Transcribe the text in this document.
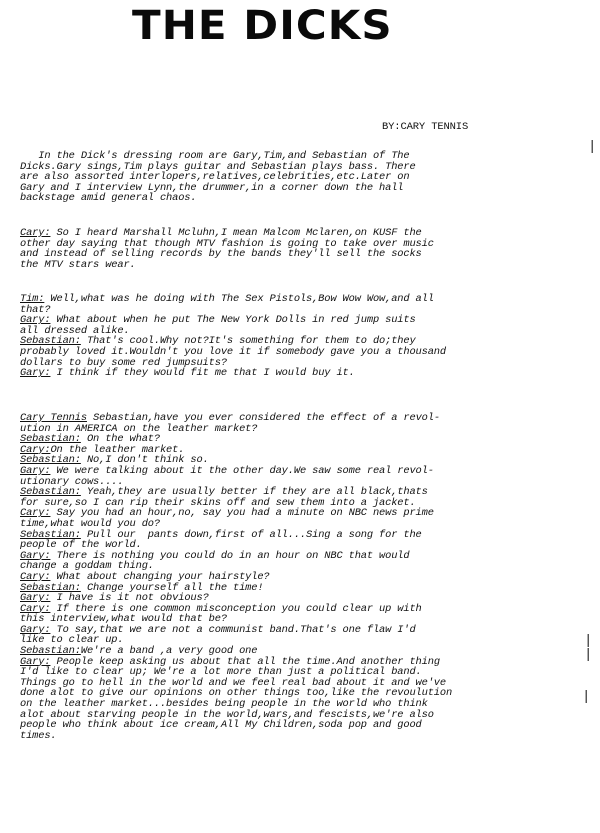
THE DICKS
BY:CARY TENNIS
|
|
|
|
In the Dick's dressing room are Gary,Tim,and Sebastian of The
Dicks.Gary sings,Tim plays guitar and Sebastian plays bass. There
are also assorted interlopers,relatives,celebrities,etc.Later on
Gary and I interview Lynn,the drummer,in a corner down the hall
backstage amid general chaos.
Cary: So I heard Marshall Mcluhn,I mean Malcom Mclaren,on KUSF the
other day saying that though MTV fashion is going to take over music
and instead of selling records by the bands they'll sell the socks
the MTV stars wear.
Tim: Well,what was he doing with The Sex Pistols,Bow Wow Wow,and all
that?
Gary: What about when he put The New York Dolls in red jump suits
all dressed alike.
Sebastian: That's cool.Why not?It's something for them to do;they
probably loved it.Wouldn't you love it if somebody gave you a thousand
dollars to buy some red jumpsuits?
Gary: I think if they would fit me that I would buy it.
Cary Tennis Sebastian,have you ever considered the effect of a revol-
ution in AMERICA on the leather market?
Sebastian: On the what?
Cary:On the leather market.
Sebastian: No,I don't think so.
Gary: We were talking about it the other day.We saw some real revol-
utionary cows....
Sebastian: Yeah,they are usually better if they are all black,thats
for sure,so I can rip their skins off and sew them into a jacket.
Cary: Say you had an hour,no, say you had a minute on NBC news prime
time,what would you do?
Sebastian: Pull our  pants down,first of all...Sing a song for the
people of the world.
Gary: There is nothing you could do in an hour on NBC that would
change a goddam thing.
Cary: What about changing your hairstyle?
Sebastian: Change yourself all the time!
Gary: I have is it not obvious?
Cary: If there is one common misconception you could clear up with
this interview,what would that be?
Gary: To say,that we are not a communist band.That's one flaw I'd
like to clear up.
Sebastian:We're a band ,a very good one
Gary: People keep asking us about that all the time.And another thing
I'd like to clear up; We're a lot more than just a political band.
Things go to hell in the world and we feel real bad about it and we've
done alot to give our opinions on other things too,like the revoulution
on the leather market...besides being people in the world who think
alot about starving people in the world,wars,and fescists,we're also
people who think about ice cream,All My Children,soda pop and good
times.
